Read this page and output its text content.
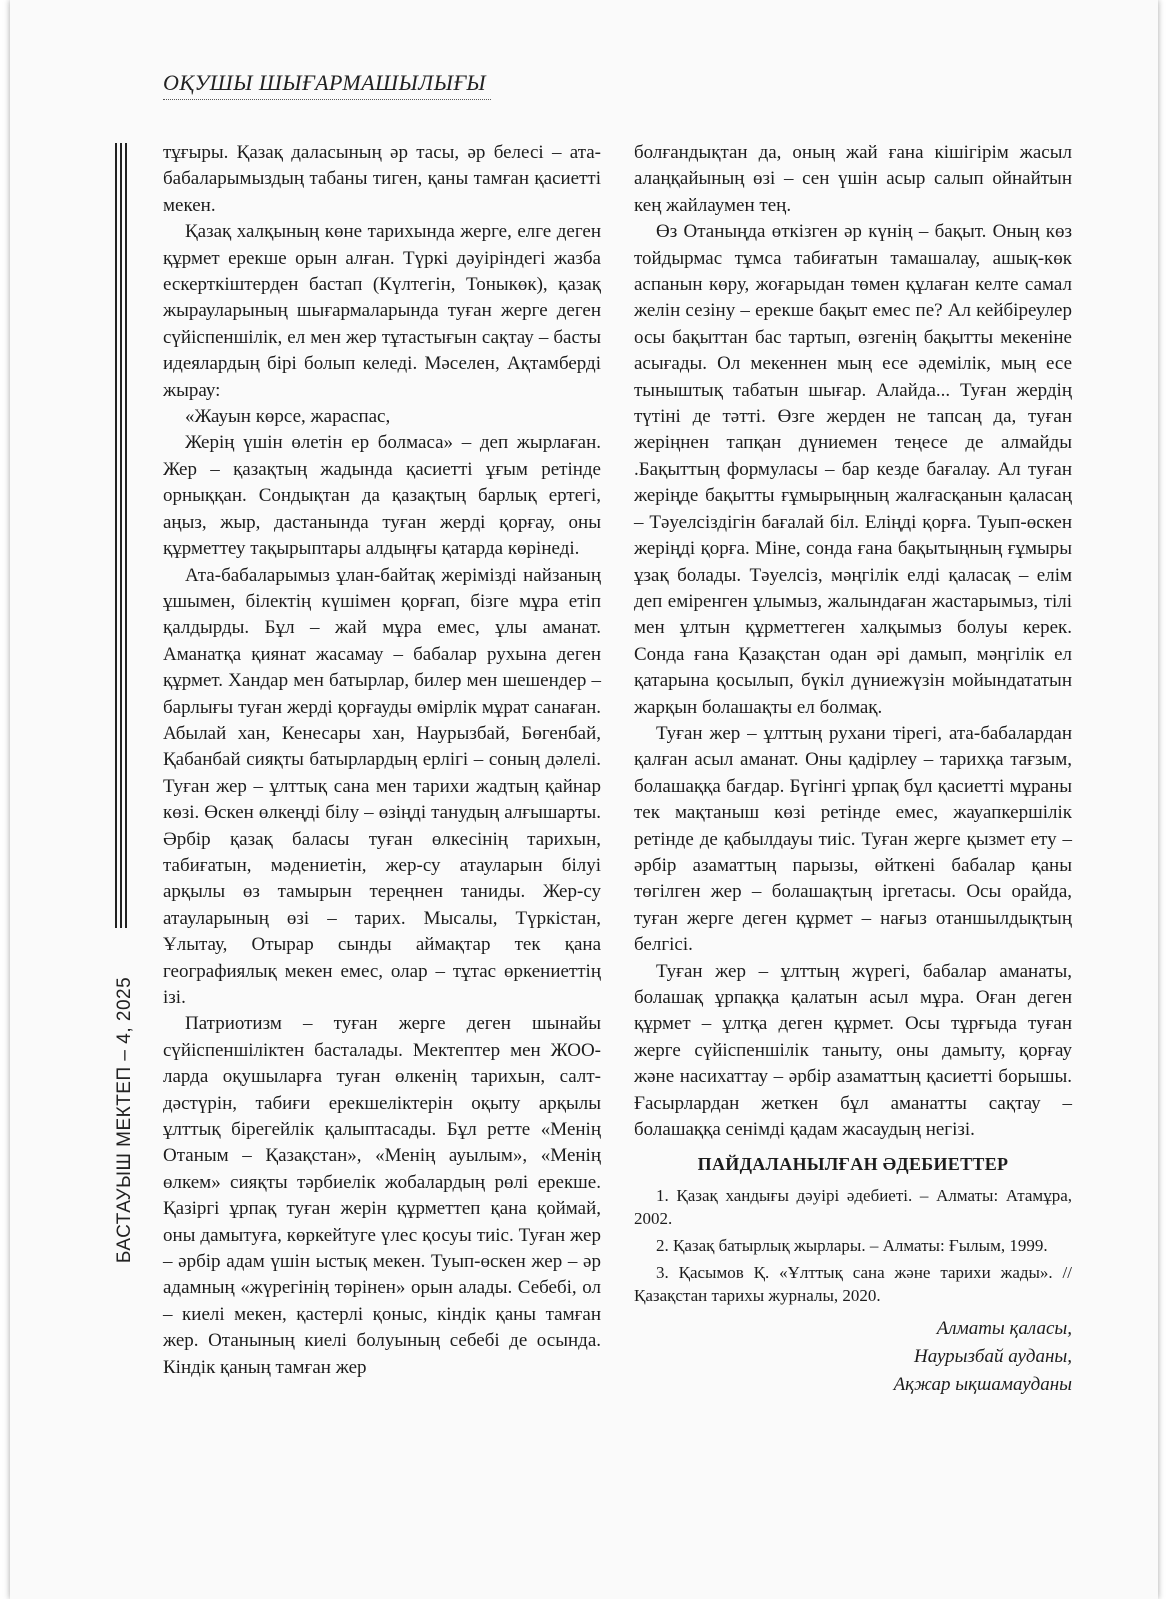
ОҚУШЫ ШЫҒАРМАШЫЛЫҒЫ
БАСТАУЫШ МЕКТЕП – 4, 2025

тұғыры. Қазақ даласының әр тасы, әр белесі – ата-бабаларымыздың табаны тиген, қаны тамған қасиетті мекен.

Қазақ халқының көне тарихында жерге, елге деген құрмет ерекше орын алған. Түркі дәуіріндегі жазба ескерткіштерден бастап (Күлтегін, Тоныкөк), қазақ жырауларының шығармаларында туған жерге деген сүйіспеншілік, ел мен жер тұтастығын сақтау – басты идеялардың бірі болып келеді. Мәселен, Ақтамберді жырау:

«Жауын көрсе, жараспас,

Жерің үшін өлетін ер болмаса» – деп жырлаған. Жер – қазақтың жадында қасиетті ұғым ретінде орныққан. Сондықтан да қазақтың барлық ертегі, аңыз, жыр, дастанында туған жерді қорғау, оны құрметтеу тақырыптары алдыңғы қатарда көрінеді.

Ата-бабаларымыз ұлан-байтақ жерімізді найзаның ұшымен, білектің күшімен қорғап, бізге мұра етіп қалдырды. Бұл – жай мұра емес, ұлы аманат. Аманатқа қиянат жасамау – бабалар рухына деген құрмет. Хандар мен батырлар, билер мен шешендер – барлығы туған жерді қорғауды өмірлік мұрат санаған. Абылай хан, Кенесары хан, Наурызбай, Бөгенбай, Қабанбай сияқты батырлардың ерлігі – соның дәлелі. Туған жер – ұлттық сана мен тарихи жадтың қайнар көзі. Өскен өлкеңді білу – өзіңді танудың алғышарты. Әрбір қазақ баласы туған өлкесінің тарихын, табиғатын, мәдениетін, жер-су атауларын білуі арқылы өз тамырын тереңнен таниды. Жер-су атауларының өзі – тарих. Мысалы, Түркістан, Ұлытау, Отырар сынды аймақтар тек қана географиялық мекен емес, олар – тұтас өркениеттің ізі.

Патриотизм – туған жерге деген шынайы сүйіспеншіліктен басталады. Мектептер мен ЖОО-ларда оқушыларға туған өлкенің тарихын, салт-дәстүрін, табиғи ерекшеліктерін оқыту арқылы ұлттық бірегейлік қалыптасады. Бұл ретте «Менің Отаным – Қазақстан», «Менің ауылым», «Менің өлкем» сияқты тәрбиелік жобалардың рөлі ерекше. Қазіргі ұрпақ туған жерін құрметтеп қана қоймай, оны дамытуға, көркейтуге үлес қосуы тиіс. Туған жер – әрбір адам үшін ыстық мекен. Туып-өскен жер – әр адамның «жүрегінің төрінен» орын алады. Себебі, ол – киелі мекен, қастерлі қоныс, кіндік қаны тамған жер. Отанының киелі болуының себебі де осында. Кіндік қаның тамған жер

болғандықтан да, оның жай ғана кішігірім жасыл алаңқайының өзі – сен үшін асыр салып ойнайтын кең жайлаумен тең.

Өз Отаныңда өткізген әр күнің – бақыт. Оның көз тойдырмас тұмса табиғатын тамашалау, ашық-көк аспанын көру, жоғарыдан төмен құлаған келте самал желін сезіну – ерекше бақыт емес пе? Ал кейбіреулер осы бақыттан бас тартып, өзгенің бақытты мекеніне асығады. Ол мекеннен мың есе әдемілік, мың есе тыныштық табатын шығар. Алайда... Туған жердің түтіні де тәтті. Өзге жерден не тапсаң да, туған жеріңнен тапқан дүниемен теңесе де алмайды .Бақыттың формуласы – бар кезде бағалау. Ал туған жеріңде бақытты ғұмырыңның жалғасқанын қаласаң – Тәуелсіздігін бағалай біл. Еліңді қорға. Туып-өскен жеріңді қорға. Міне, сонда ғана бақытыңның ғұмыры ұзақ болады. Тәуелсіз, мәңгілік елді қаласақ – елім деп еміренген ұлымыз, жалындаған жастарымыз, тілі мен ұлтын құрметтеген халқымыз болуы керек. Сонда ғана Қазақстан одан әрі дамып, мәңгілік ел қатарына қосылып, бүкіл дүниежүзін мойындататын жарқын болашақты ел болмақ.

Туған жер – ұлттың рухани тірегі, ата-бабалардан қалған асыл аманат. Оны қадірлеу – тарихқа тағзым, болашаққа бағдар. Бүгінгі ұрпақ бұл қасиетті мұраны тек мақтаныш көзі ретінде емес, жауапкершілік ретінде де қабылдауы тиіс. Туған жерге қызмет ету – әрбір азаматтың парызы, өйткені бабалар қаны төгілген жер – болашақтың іргетасы. Осы орайда, туған жерге деген құрмет – нағыз отаншылдықтың белгісі.

Туған жер – ұлттың жүрегі, бабалар аманаты, болашақ ұрпаққа қалатын асыл мұра. Оған деген құрмет – ұлтқа деген құрмет. Осы тұрғыда туған жерге сүйіспеншілік таныту, оны дамыту, қорғау және насихаттау – әрбір азаматтың қасиетті борышы. Ғасырлардан жеткен бұл аманатты сақтау – болашаққа сенімді қадам жасаудың негізі.

ПАЙДАЛАНЫЛҒАН ӘДЕБИЕТТЕР

1. Қазақ хандығы дәуірі әдебиеті. – Алматы: Атамұра, 2002.

2. Қазақ батырлық жырлары. – Алматы: Ғылым, 1999.

3. Қасымов Қ. «Ұлттық сана және тарихи жады». // Қазақстан тарихы журналы, 2020.

Алматы қаласы,
Наурызбай ауданы,
Ақжар ықшамауданы
